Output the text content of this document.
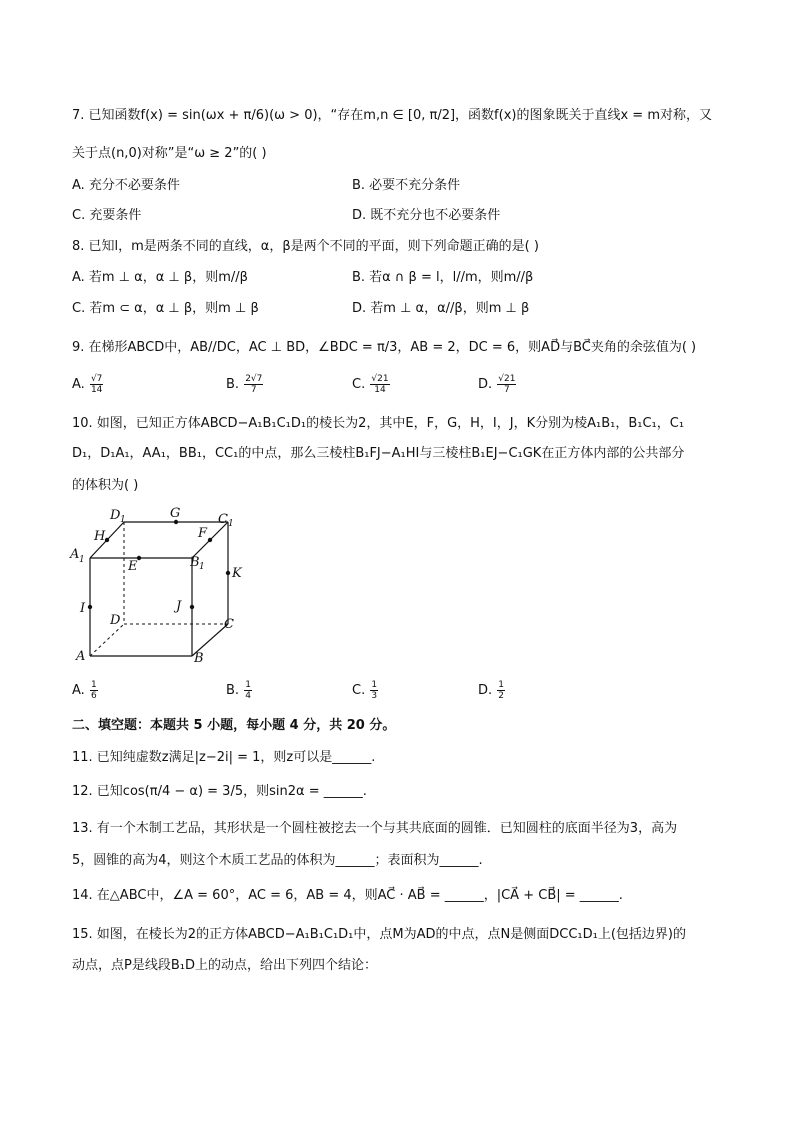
7. 已知函数f(x) = sin(ωx + π/6)(ω > 0)，“存在m,n ∈ [0, π/2]，函数f(x)的图象既关于直线x = m对称，又
关于点(n,0)对称”是“ω ≥ 2”的( )
A. 充分不必要条件	B. 必要不充分条件
C. 充要条件	D. 既不充分也不必要条件
8. 已知l，m是两条不同的直线，α，β是两个不同的平面，则下列命题正确的是( )
A. 若m ⊥ α，α ⊥ β，则m//β	B. 若α ∩ β = l，l//m，则m//β
C. 若m ⊂ α，α ⊥ β，则m ⊥ β	D. 若m ⊥ α，α//β，则m ⊥ β
9. 在梯形ABCD中，AB//DC，AC ⊥ BD，∠BDC = π/3，AB = 2，DC = 6，则AD⃗与BC⃗夹角的余弦值为( )
A. $\frac{√7}{14}$	B. $\frac{2√7}{7}$	C. $\frac{√21}{14}$	D. $\frac{√21}{7}$
10. 如图，已知正方体ABCD−A₁B₁C₁D₁的棱长为2，其中E，F，G，H，I，J，K分别为棱A₁B₁，B₁C₁，C₁
D₁，D₁A₁，AA₁，BB₁，CC₁的中点，那么三棱柱B₁FJ−A₁HI与三棱柱B₁EJ−C₁GK在正方体内部的公共部分
的体积为( )
D 1	G	C 1
H	F
A 1	E	B 1 K
I	J
D	C
A	B
A. $\frac{1}{6}$	B. $\frac{1}{4}$	C. $\frac{1}{3}$	D. $\frac{1}{2}$
二、填空题：本题共 5 小题，每小题 4 分，共 20 分。
11. 已知纯虚数z满足|z−2i| = 1，则z可以是______.
12. 已知cos(π/4 − α) = 3/5，则sin2α = ______.
13. 有一个木制工艺品，其形状是一个圆柱被挖去一个与其共底面的圆锥．已知圆柱的底面半径为3，高为
5，圆锥的高为4，则这个木质工艺品的体积为______；表面积为______.
14. 在△ABC中，∠A = 60°，AC = 6，AB = 4，则AC⃗ · AB⃗ = ______，|CA⃗ + CB⃗| = ______.
15. 如图，在棱长为2的正方体ABCD−A₁B₁C₁D₁中，点M为AD的中点，点N是侧面DCC₁D₁上(包括边界)的
动点，点P是线段B₁D上的动点，给出下列四个结论：
